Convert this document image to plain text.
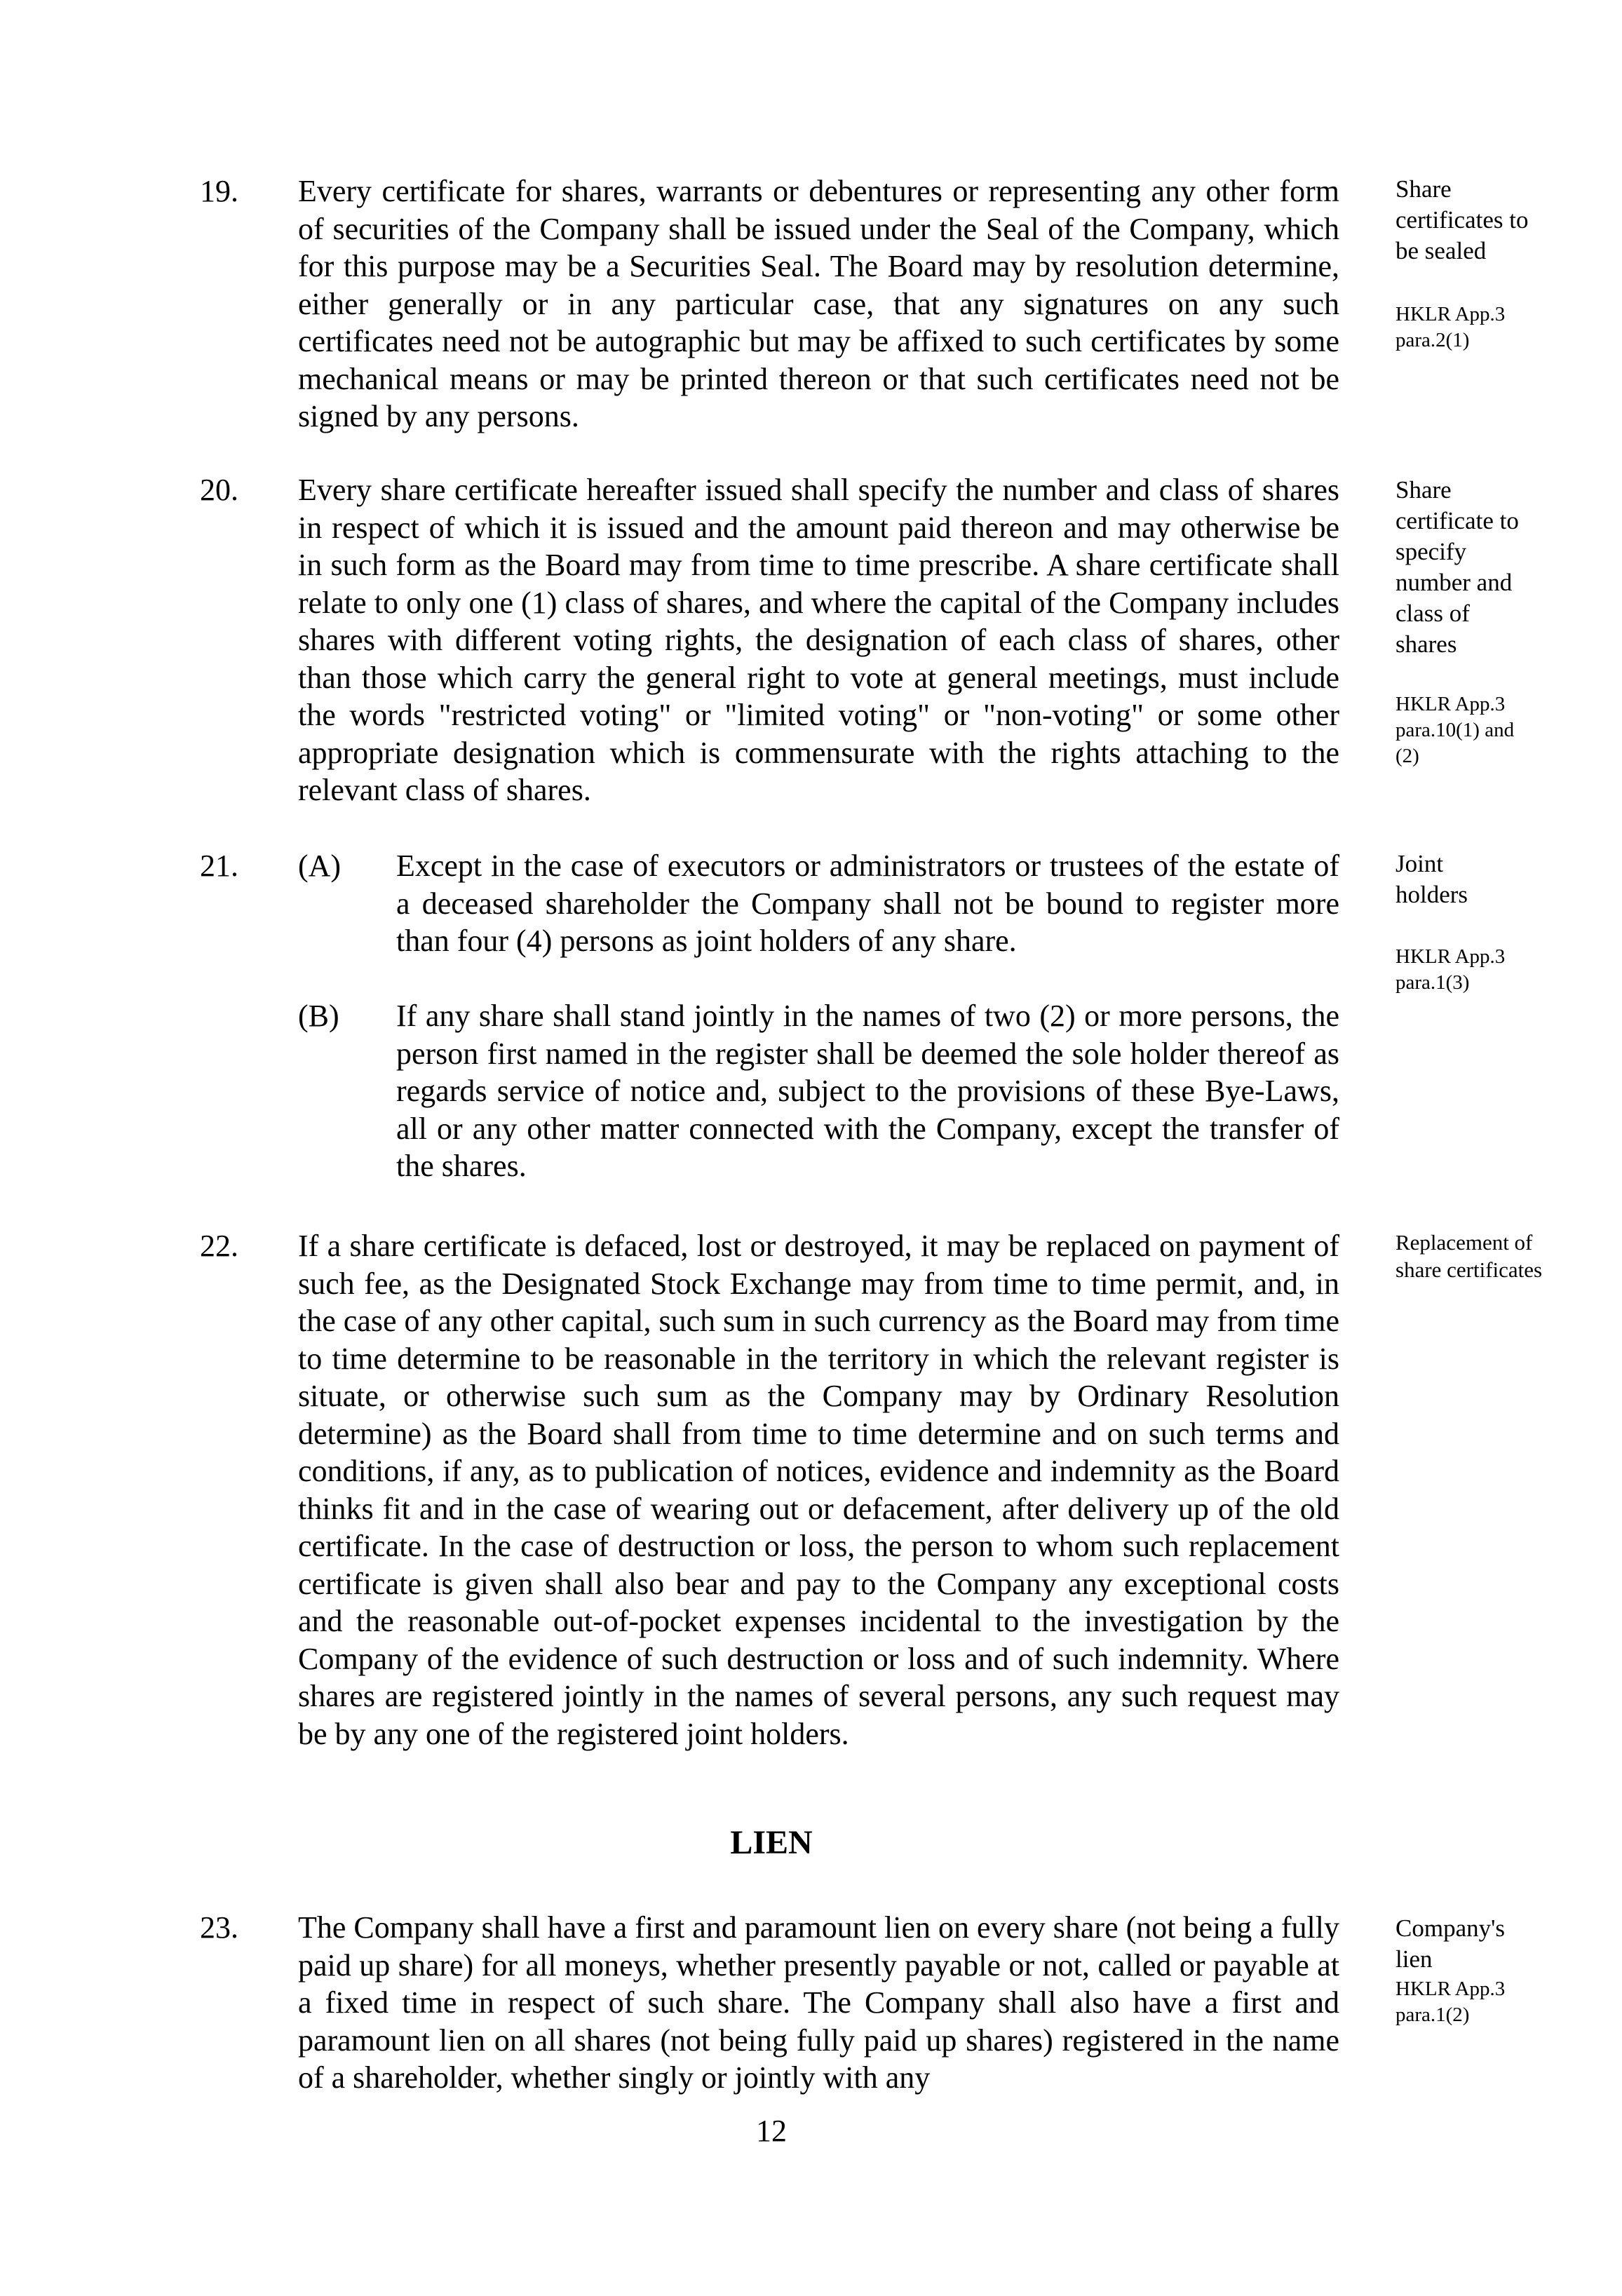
19. Every certificate for shares, warrants or debentures or representing any other form of securities of the Company shall be issued under the Seal of the Company, which for this purpose may be a Securities Seal. The Board may by resolution determine, either generally or in any particular case, that any signatures on any such certificates need not be autographic but may be affixed to such certificates by some mechanical means or may be printed thereon or that such certificates need not be signed by any persons.
Share certificates to be sealed
HKLR App.3 para.2(1)
20. Every share certificate hereafter issued shall specify the number and class of shares in respect of which it is issued and the amount paid thereon and may otherwise be in such form as the Board may from time to time prescribe. A share certificate shall relate to only one (1) class of shares, and where the capital of the Company includes shares with different voting rights, the designation of each class of shares, other than those which carry the general right to vote at general meetings, must include the words "restricted voting" or "limited voting" or "non-voting" or some other appropriate designation which is commensurate with the rights attaching to the relevant class of shares.
Share certificate to specify number and class of shares
HKLR App.3 para.10(1) and (2)
21. (A) Except in the case of executors or administrators or trustees of the estate of a deceased shareholder the Company shall not be bound to register more than four (4) persons as joint holders of any share.
(B) If any share shall stand jointly in the names of two (2) or more persons, the person first named in the register shall be deemed the sole holder thereof as regards service of notice and, subject to the provisions of these Bye-Laws, all or any other matter connected with the Company, except the transfer of the shares.
Joint holders
HKLR App.3 para.1(3)
22. If a share certificate is defaced, lost or destroyed, it may be replaced on payment of such fee, as the Designated Stock Exchange may from time to time permit, and, in the case of any other capital, such sum in such currency as the Board may from time to time determine to be reasonable in the territory in which the relevant register is situate, or otherwise such sum as the Company may by Ordinary Resolution determine) as the Board shall from time to time determine and on such terms and conditions, if any, as to publication of notices, evidence and indemnity as the Board thinks fit and in the case of wearing out or defacement, after delivery up of the old certificate. In the case of destruction or loss, the person to whom such replacement certificate is given shall also bear and pay to the Company any exceptional costs and the reasonable out-of-pocket expenses incidental to the investigation by the Company of the evidence of such destruction or loss and of such indemnity. Where shares are registered jointly in the names of several persons, any such request may be by any one of the registered joint holders.
Replacement of share certificates
LIEN
23. The Company shall have a first and paramount lien on every share (not being a fully paid up share) for all moneys, whether presently payable or not, called or payable at a fixed time in respect of such share. The Company shall also have a first and paramount lien on all shares (not being fully paid up shares) registered in the name of a shareholder, whether singly or jointly with any
Company's lien
HKLR App.3 para.1(2)
12
